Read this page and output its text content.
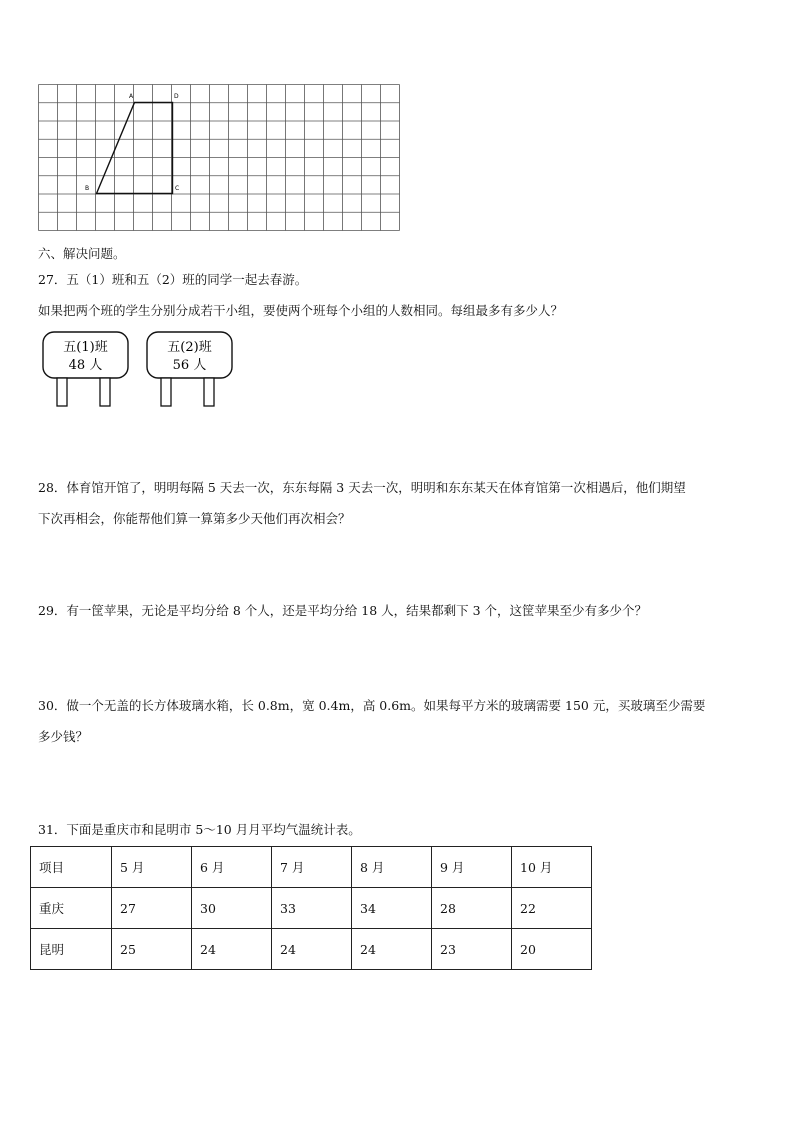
A	D
B	C
六、解决问题。
27．五（1）班和五（2）班的同学一起去春游。
如果把两个班的学生分别分成若干小组，要使两个班每个小组的人数相同。每组最多有多少人？
五(1)班
48 人
五(2)班
56 人
28．体育馆开馆了，明明每隔 5 天去一次，东东每隔 3 天去一次，明明和东东某天在体育馆第一次相遇后，他们期望
下次再相会，你能帮他们算一算第多少天他们再次相会？
29．有一筐苹果，无论是平均分给 8 个人，还是平均分给 18 人，结果都剩下 3 个，这筐苹果至少有多少个？
30．做一个无盖的长方体玻璃水箱，长 0.8m，宽 0.4m，高 0.6m。如果每平方米的玻璃需要 150 元，买玻璃至少需要
多少钱？
31．下面是重庆市和昆明市 5～10 月月平均气温统计表。
项目	5 月	6 月	7 月	8 月	9 月	10 月
重庆	27	30	33	34	28	22
昆明	25	24	24	24	23	20
